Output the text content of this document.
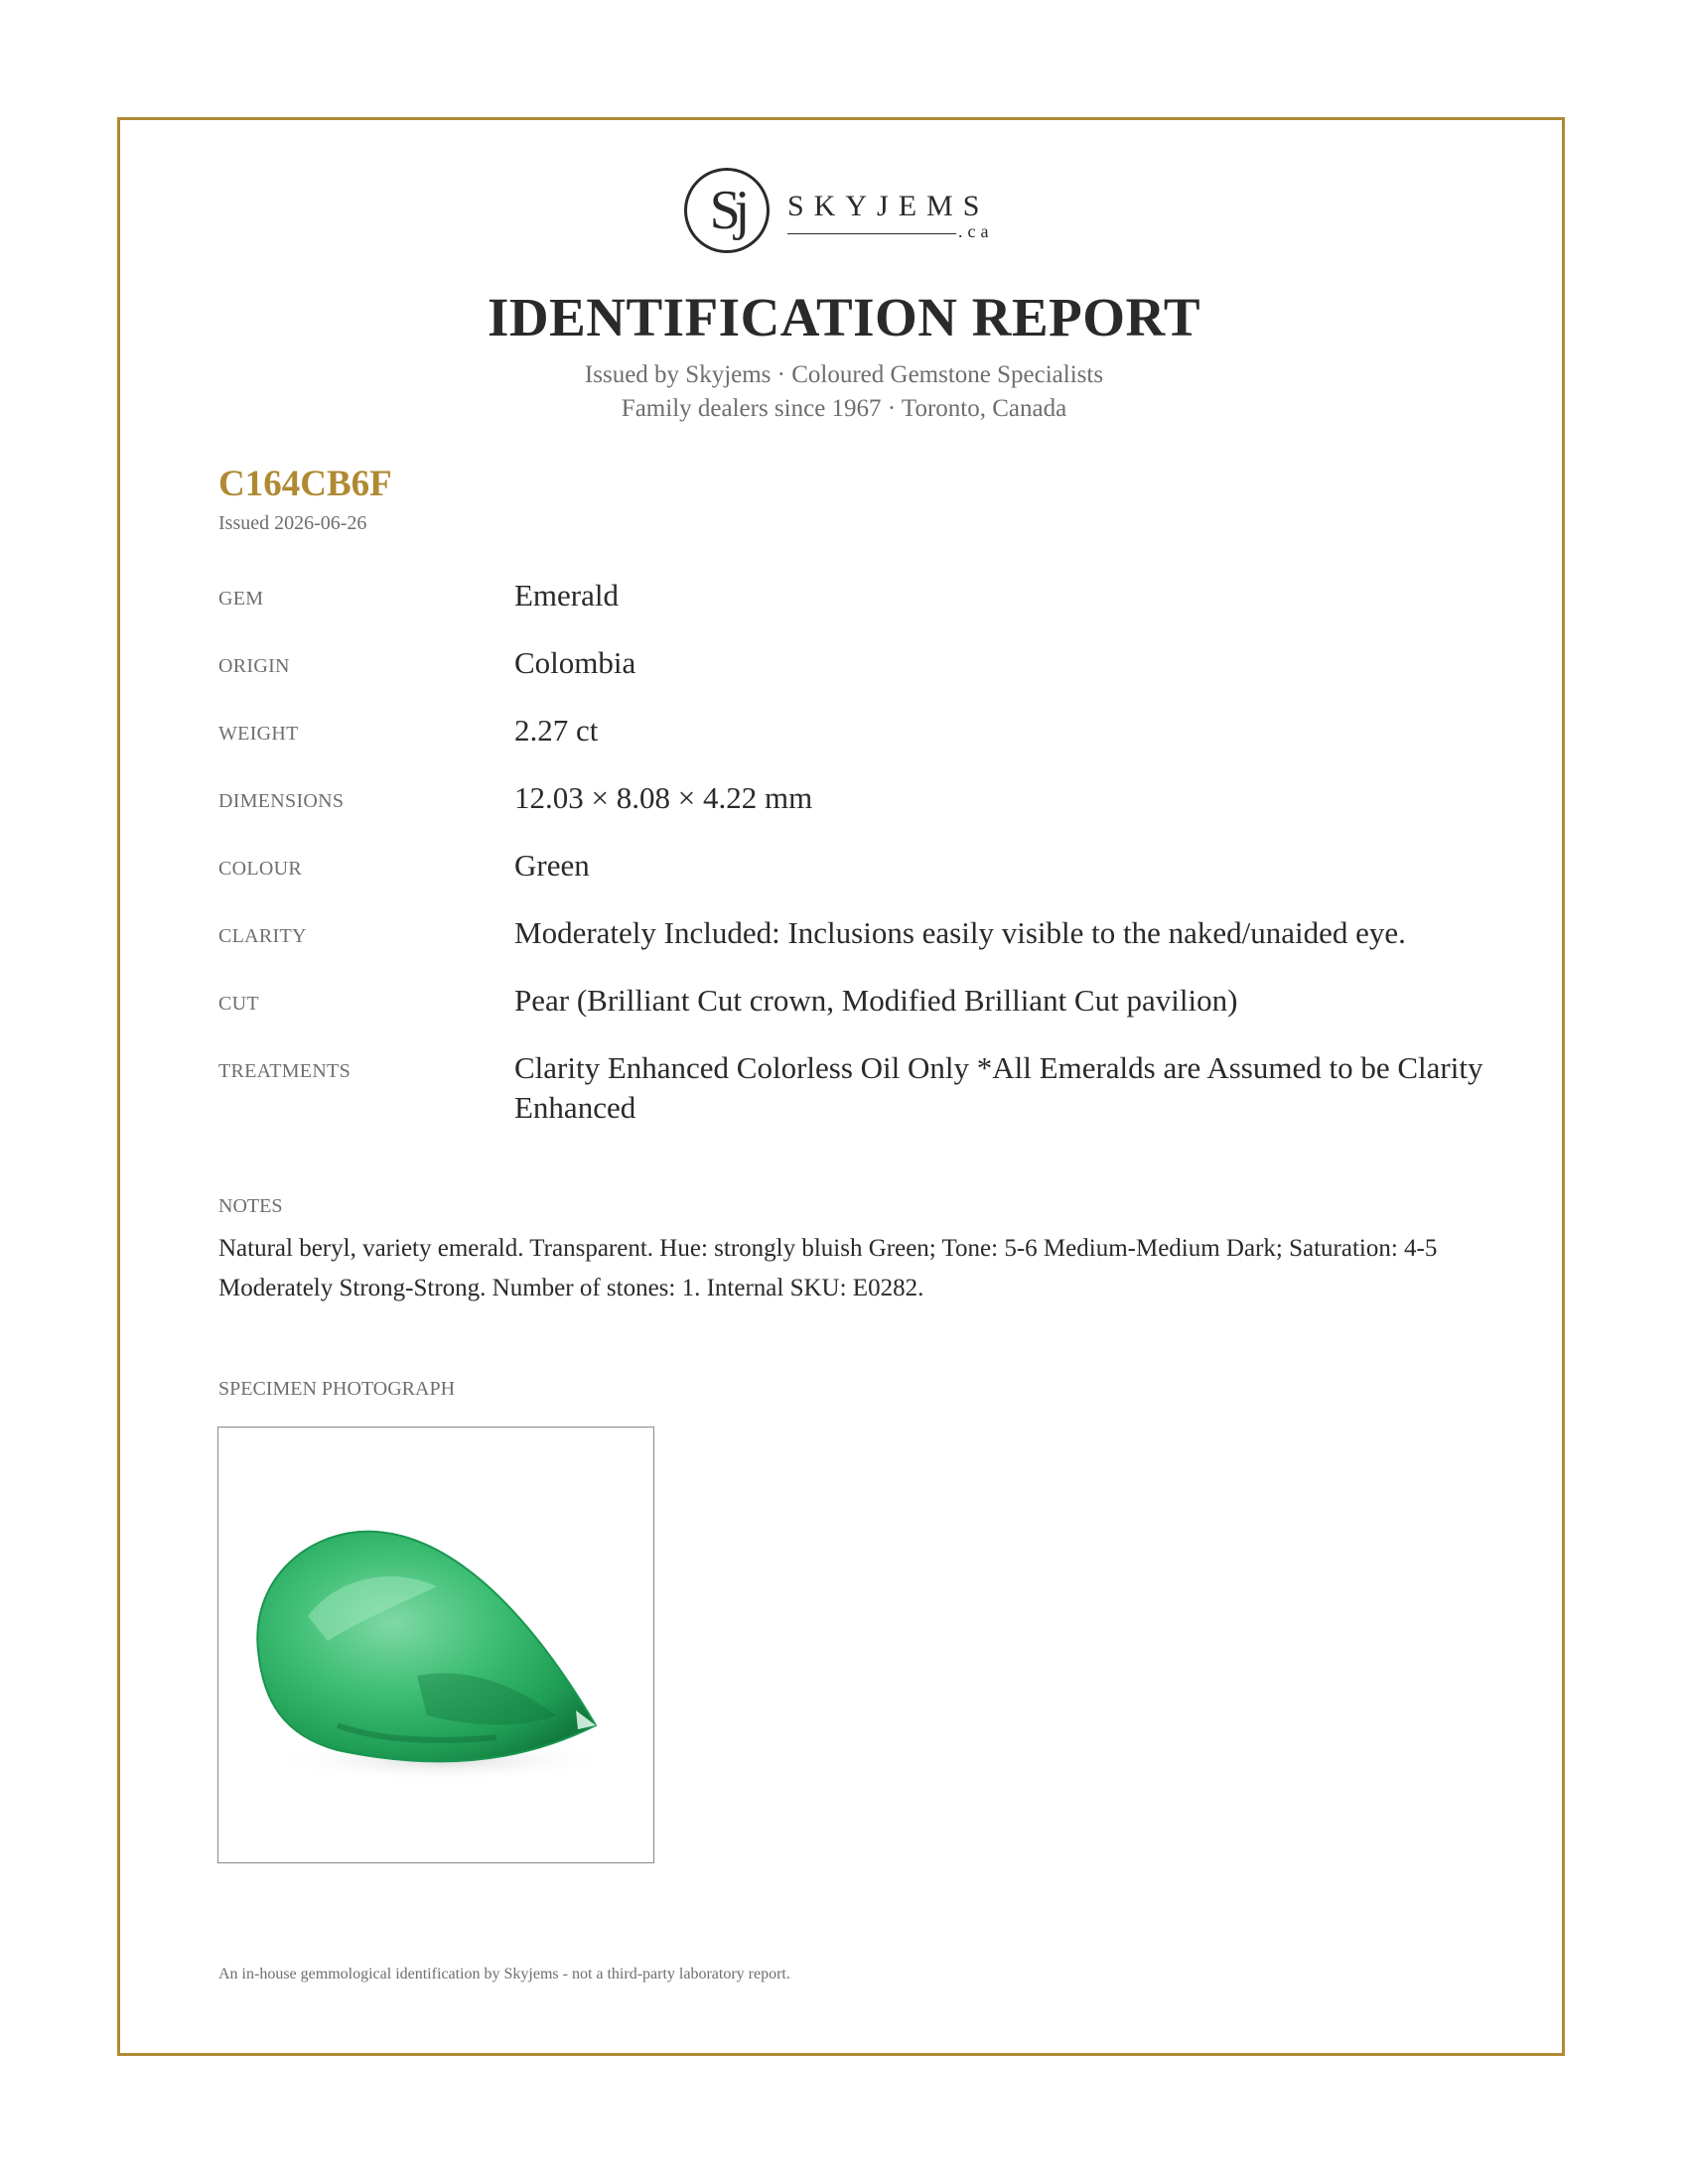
Sj	SKYJEMS
.ca
IDENTIFICATION REPORT
Issued by Skyjems · Coloured Gemstone Specialists
Family dealers since 1967 · Toronto, Canada
C164CB6F
Issued 2026-06-26
GEM	Emerald
ORIGIN	Colombia
WEIGHT	2.27 ct
DIMENSIONS	12.03 × 8.08 × 4.22 mm
COLOUR	Green
CLARITY	Moderately Included: Inclusions easily visible to the naked/unaided eye.
CUT	Pear (Brilliant Cut crown, Modified Brilliant Cut pavilion)
TREATMENTS	Clarity Enhanced Colorless Oil Only *All Emeralds are Assumed to be Clarity Enhanced
NOTES
Natural beryl, variety emerald. Transparent. Hue: strongly bluish Green; Tone: 5-6 Medium-Medium Dark; Saturation: 4-5 Moderately Strong-Strong. Number of stones: 1. Internal SKU: E0282.
SPECIMEN PHOTOGRAPH
An in-house gemmological identification by Skyjems - not a third-party laboratory report.
